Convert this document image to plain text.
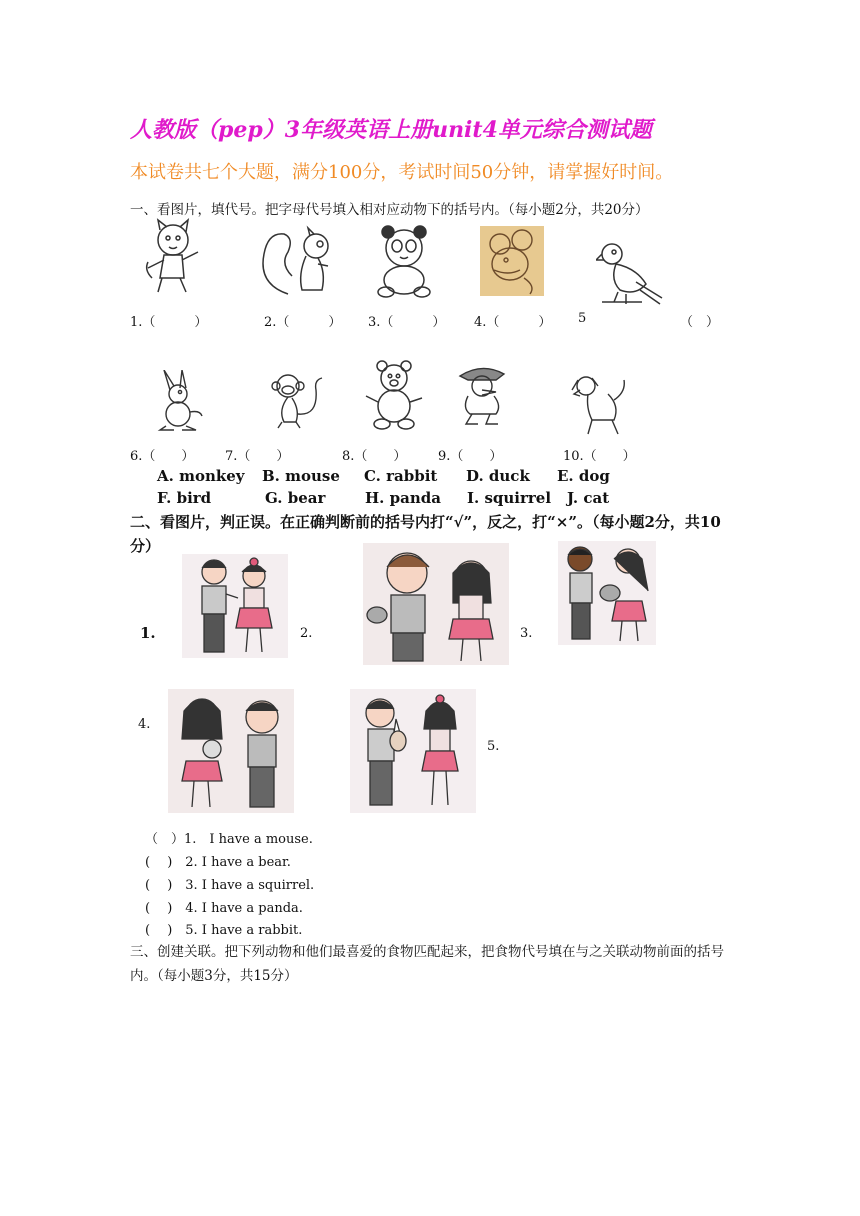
人教版（pep）3年级英语上册unit4单元综合测试题
本试卷共七个大题，满分100分，考试时间50分钟，请掌握好时间。
一、看图片，填代号。把字母代号填入相对应动物下的括号内。（每小题2分，共20分）
1.（　　　）	2.（　　　） 3.（　　　） 4.（　　　） 5	（　）
6.（　　） 7.（　　）	8.（　　） 9.（　　）	10.（　　）
A. monkey B. mouse C. rabbit D. duck E. dog
F. bird	G. bear	H. panda I. squirrel J. cat
二、看图片，判正误。在正确判断前的括号内打“√”，反之，打“×”。（每小题2分，共10分）
1.	2.	3.
4.
5.
（　）1.　I have a mouse.
(　 )　2. I have a bear.
(　 )　3. I have a squirrel.
(　 )　4. I have a panda.
(　 )　5. I have a rabbit.
三、创建关联。把下列动物和他们最喜爱的食物匹配起来，把食物代号填在与之关联动物前面的括号内。（每小题3分，共15分）
